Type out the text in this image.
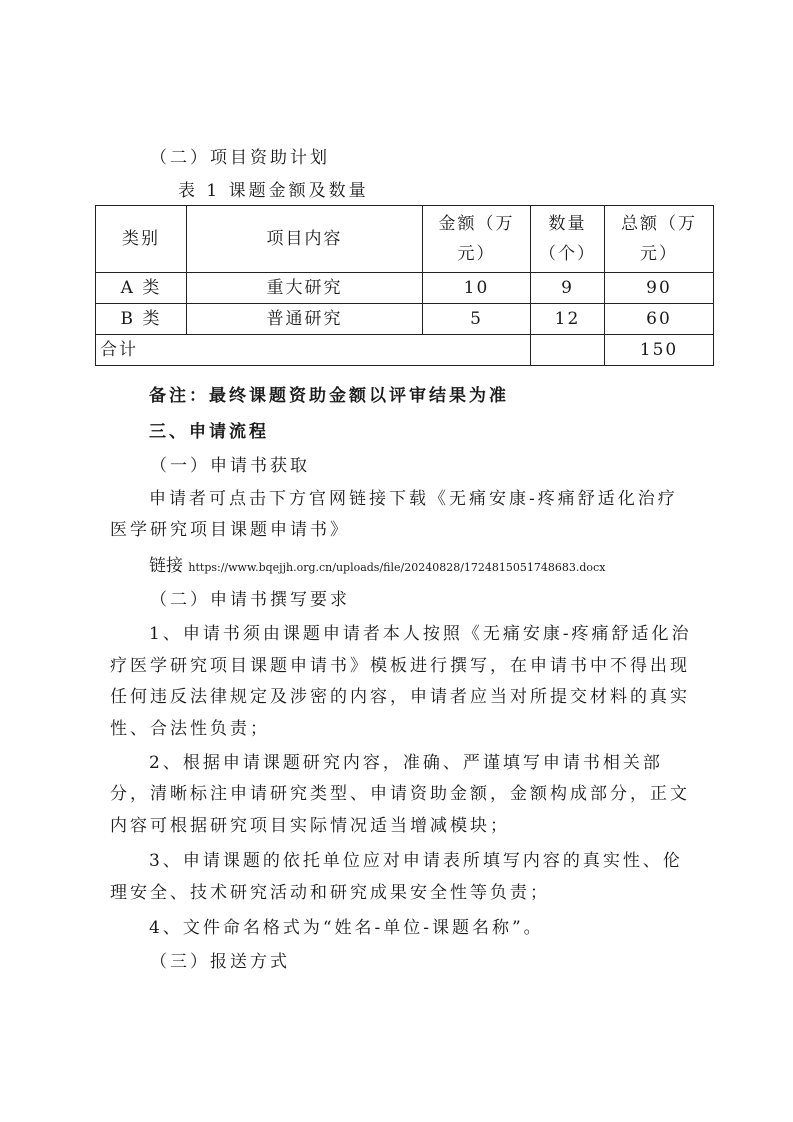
（二）项目资助计划
表 1 课题金额及数量
类别	项目内容	金额（万元）	数量（个）	总额（万元）
A 类	重大研究	10	9	90
B 类	普通研究	5	12	60
合计				150
备注：最终课题资助金额以评审结果为准
三、申请流程
（一）申请书获取
申请者可点击下方官网链接下载《无痛安康-疼痛舒适化治疗
医学研究项目课题申请书》
链接 https://www.bqejjh.org.cn/uploads/file/20240828/1724815051748683.docx
（二）申请书撰写要求
1、申请书须由课题申请者本人按照《无痛安康-疼痛舒适化治
疗医学研究项目课题申请书》模板进行撰写，在申请书中不得出现
任何违反法律规定及涉密的内容，申请者应当对所提交材料的真实
性、合法性负责；
2、根据申请课题研究内容，准确、严谨填写申请书相关部
分，清晰标注申请研究类型、申请资助金额，金额构成部分，正文
内容可根据研究项目实际情况适当增减模块；
3、申请课题的依托单位应对申请表所填写内容的真实性、伦
理安全、技术研究活动和研究成果安全性等负责；
4、文件命名格式为“姓名-单位-课题名称”。
（三）报送方式
